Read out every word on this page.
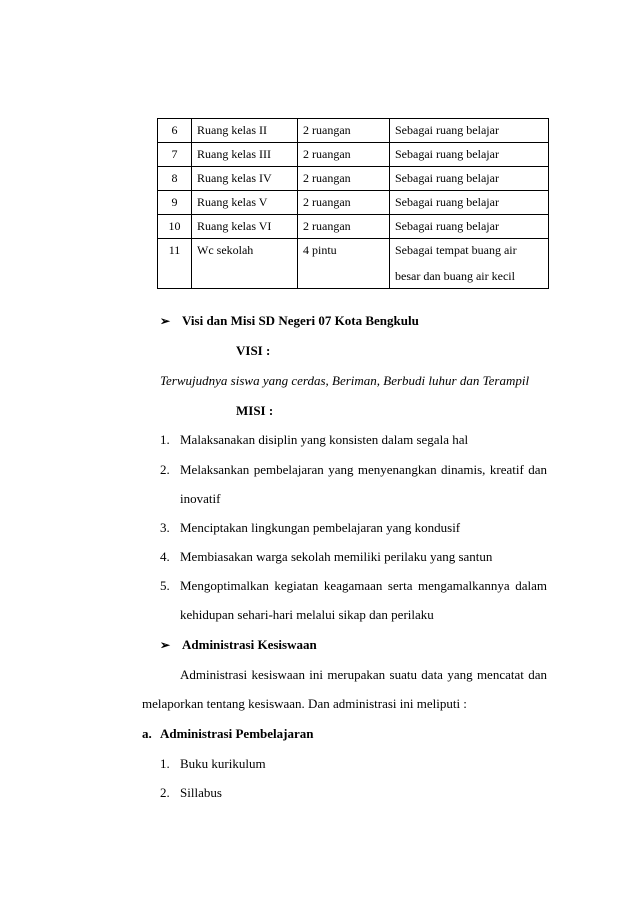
6	Ruang kelas II	2 ruangan	Sebagai ruang belajar
7	Ruang kelas III	2 ruangan	Sebagai ruang belajar
8	Ruang kelas IV	2 ruangan	Sebagai ruang belajar
9	Ruang kelas V	2 ruangan	Sebagai ruang belajar
10	Ruang kelas VI	2 ruangan	Sebagai ruang belajar
11	Wc sekolah	4 pintu	Sebagai tempat buang air
besar dan buang air kecil
➢ Visi dan Misi SD Negeri 07 Kota Bengkulu
VISI :
Terwujudnya siswa yang cerdas, Beriman, Berbudi luhur dan Terampil
MISI :
1. Malaksanakan disiplin yang konsisten dalam segala hal
2. Melaksankan pembelajaran yang menyenangkan dinamis, kreatif dan
inovatif
3. Menciptakan lingkungan pembelajaran yang kondusif
4. Membiasakan warga sekolah memiliki perilaku yang santun
5. Mengoptimalkan kegiatan keagamaan serta mengamalkannya dalam
kehidupan sehari-hari melalui sikap dan perilaku
➢ Administrasi Kesiswaan
Administrasi kesiswaan ini merupakan suatu data yang mencatat dan
melaporkan tentang kesiswaan. Dan administrasi ini meliputi :
a. Administrasi Pembelajaran
1. Buku kurikulum
2. Sillabus
